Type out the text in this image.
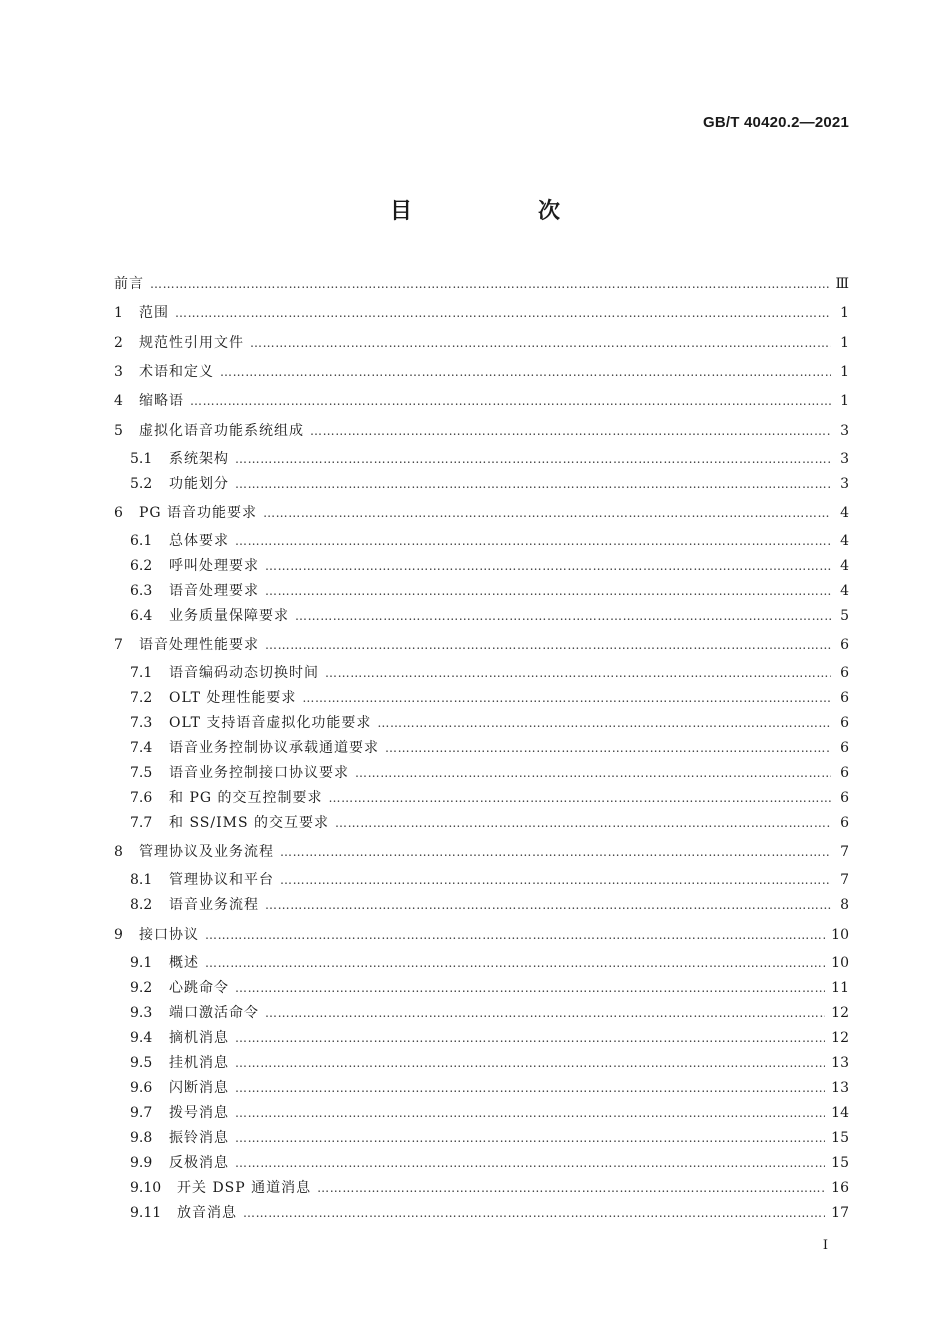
GB/T 40420.2—2021
目　次
前言 …………………………………………………………………………………………………………………………………………………………………………………………………………………………………………………………………………………	Ⅲ
1 范围 …………………………………………………………………………………………………………………………………………………………………………………………………………………………………………………………………………………	1
2 规范性引用文件 …………………………………………………………………………………………………………………………………………………………………………………………………………………………………………………………………………………	1
3 术语和定义 …………………………………………………………………………………………………………………………………………………………………………………………………………………………………………………………………………………	1
4 缩略语 …………………………………………………………………………………………………………………………………………………………………………………………………………………………………………………………………………………	1
5 虚拟化语音功能系统组成 …………………………………………………………………………………………………………………………………………………………………………………………………………………………………………………………………………………	3
5.1 系统架构 …………………………………………………………………………………………………………………………………………………………………………………………………………………………………………………………………………………	3
5.2 功能划分 …………………………………………………………………………………………………………………………………………………………………………………………………………………………………………………………………………………	3
6 PG 语音功能要求 …………………………………………………………………………………………………………………………………………………………………………………………………………………………………………………………………………………	4
6.1 总体要求 …………………………………………………………………………………………………………………………………………………………………………………………………………………………………………………………………………………	4
6.2 呼叫处理要求 …………………………………………………………………………………………………………………………………………………………………………………………………………………………………………………………………………………	4
6.3 语音处理要求 …………………………………………………………………………………………………………………………………………………………………………………………………………………………………………………………………………………	4
6.4 业务质量保障要求 …………………………………………………………………………………………………………………………………………………………………………………………………………………………………………………………………………………	5
7 语音处理性能要求 …………………………………………………………………………………………………………………………………………………………………………………………………………………………………………………………………………………	6
7.1 语音编码动态切换时间 …………………………………………………………………………………………………………………………………………………………………………………………………………………………………………………………………………………	6
7.2 OLT 处理性能要求 …………………………………………………………………………………………………………………………………………………………………………………………………………………………………………………………………………………	6
7.3 OLT 支持语音虚拟化功能要求 …………………………………………………………………………………………………………………………………………………………………………………………………………………………………………………………………………………	6
7.4 语音业务控制协议承载通道要求 …………………………………………………………………………………………………………………………………………………………………………………………………………………………………………………………………………………	6
7.5 语音业务控制接口协议要求 …………………………………………………………………………………………………………………………………………………………………………………………………………………………………………………………………………………	6
7.6 和 PG 的交互控制要求 …………………………………………………………………………………………………………………………………………………………………………………………………………………………………………………………………………………	6
7.7 和 SS/IMS 的交互要求 …………………………………………………………………………………………………………………………………………………………………………………………………………………………………………………………………………………	6
8 管理协议及业务流程 …………………………………………………………………………………………………………………………………………………………………………………………………………………………………………………………………………………	7
8.1 管理协议和平台 …………………………………………………………………………………………………………………………………………………………………………………………………………………………………………………………………………………	7
8.2 语音业务流程 …………………………………………………………………………………………………………………………………………………………………………………………………………………………………………………………………………………	8
9 接口协议 …………………………………………………………………………………………………………………………………………………………………………………………………………………………………………………………………………………	10
9.1 概述 …………………………………………………………………………………………………………………………………………………………………………………………………………………………………………………………………………………	10
9.2 心跳命令 …………………………………………………………………………………………………………………………………………………………………………………………………………………………………………………………………………………	11
9.3 端口激活命令 …………………………………………………………………………………………………………………………………………………………………………………………………………………………………………………………………………………	12
9.4 摘机消息 …………………………………………………………………………………………………………………………………………………………………………………………………………………………………………………………………………………	12
9.5 挂机消息 …………………………………………………………………………………………………………………………………………………………………………………………………………………………………………………………………………………	13
9.6 闪断消息 …………………………………………………………………………………………………………………………………………………………………………………………………………………………………………………………………………………	13
9.7 拨号消息 …………………………………………………………………………………………………………………………………………………………………………………………………………………………………………………………………………………	14
9.8 振铃消息 …………………………………………………………………………………………………………………………………………………………………………………………………………………………………………………………………………………	15
9.9 反极消息 …………………………………………………………………………………………………………………………………………………………………………………………………………………………………………………………………………………	15
9.10 开关 DSP 通道消息 …………………………………………………………………………………………………………………………………………………………………………………………………………………………………………………………………………………	16
9.11 放音消息 …………………………………………………………………………………………………………………………………………………………………………………………………………………………………………………………………………………	17
I
